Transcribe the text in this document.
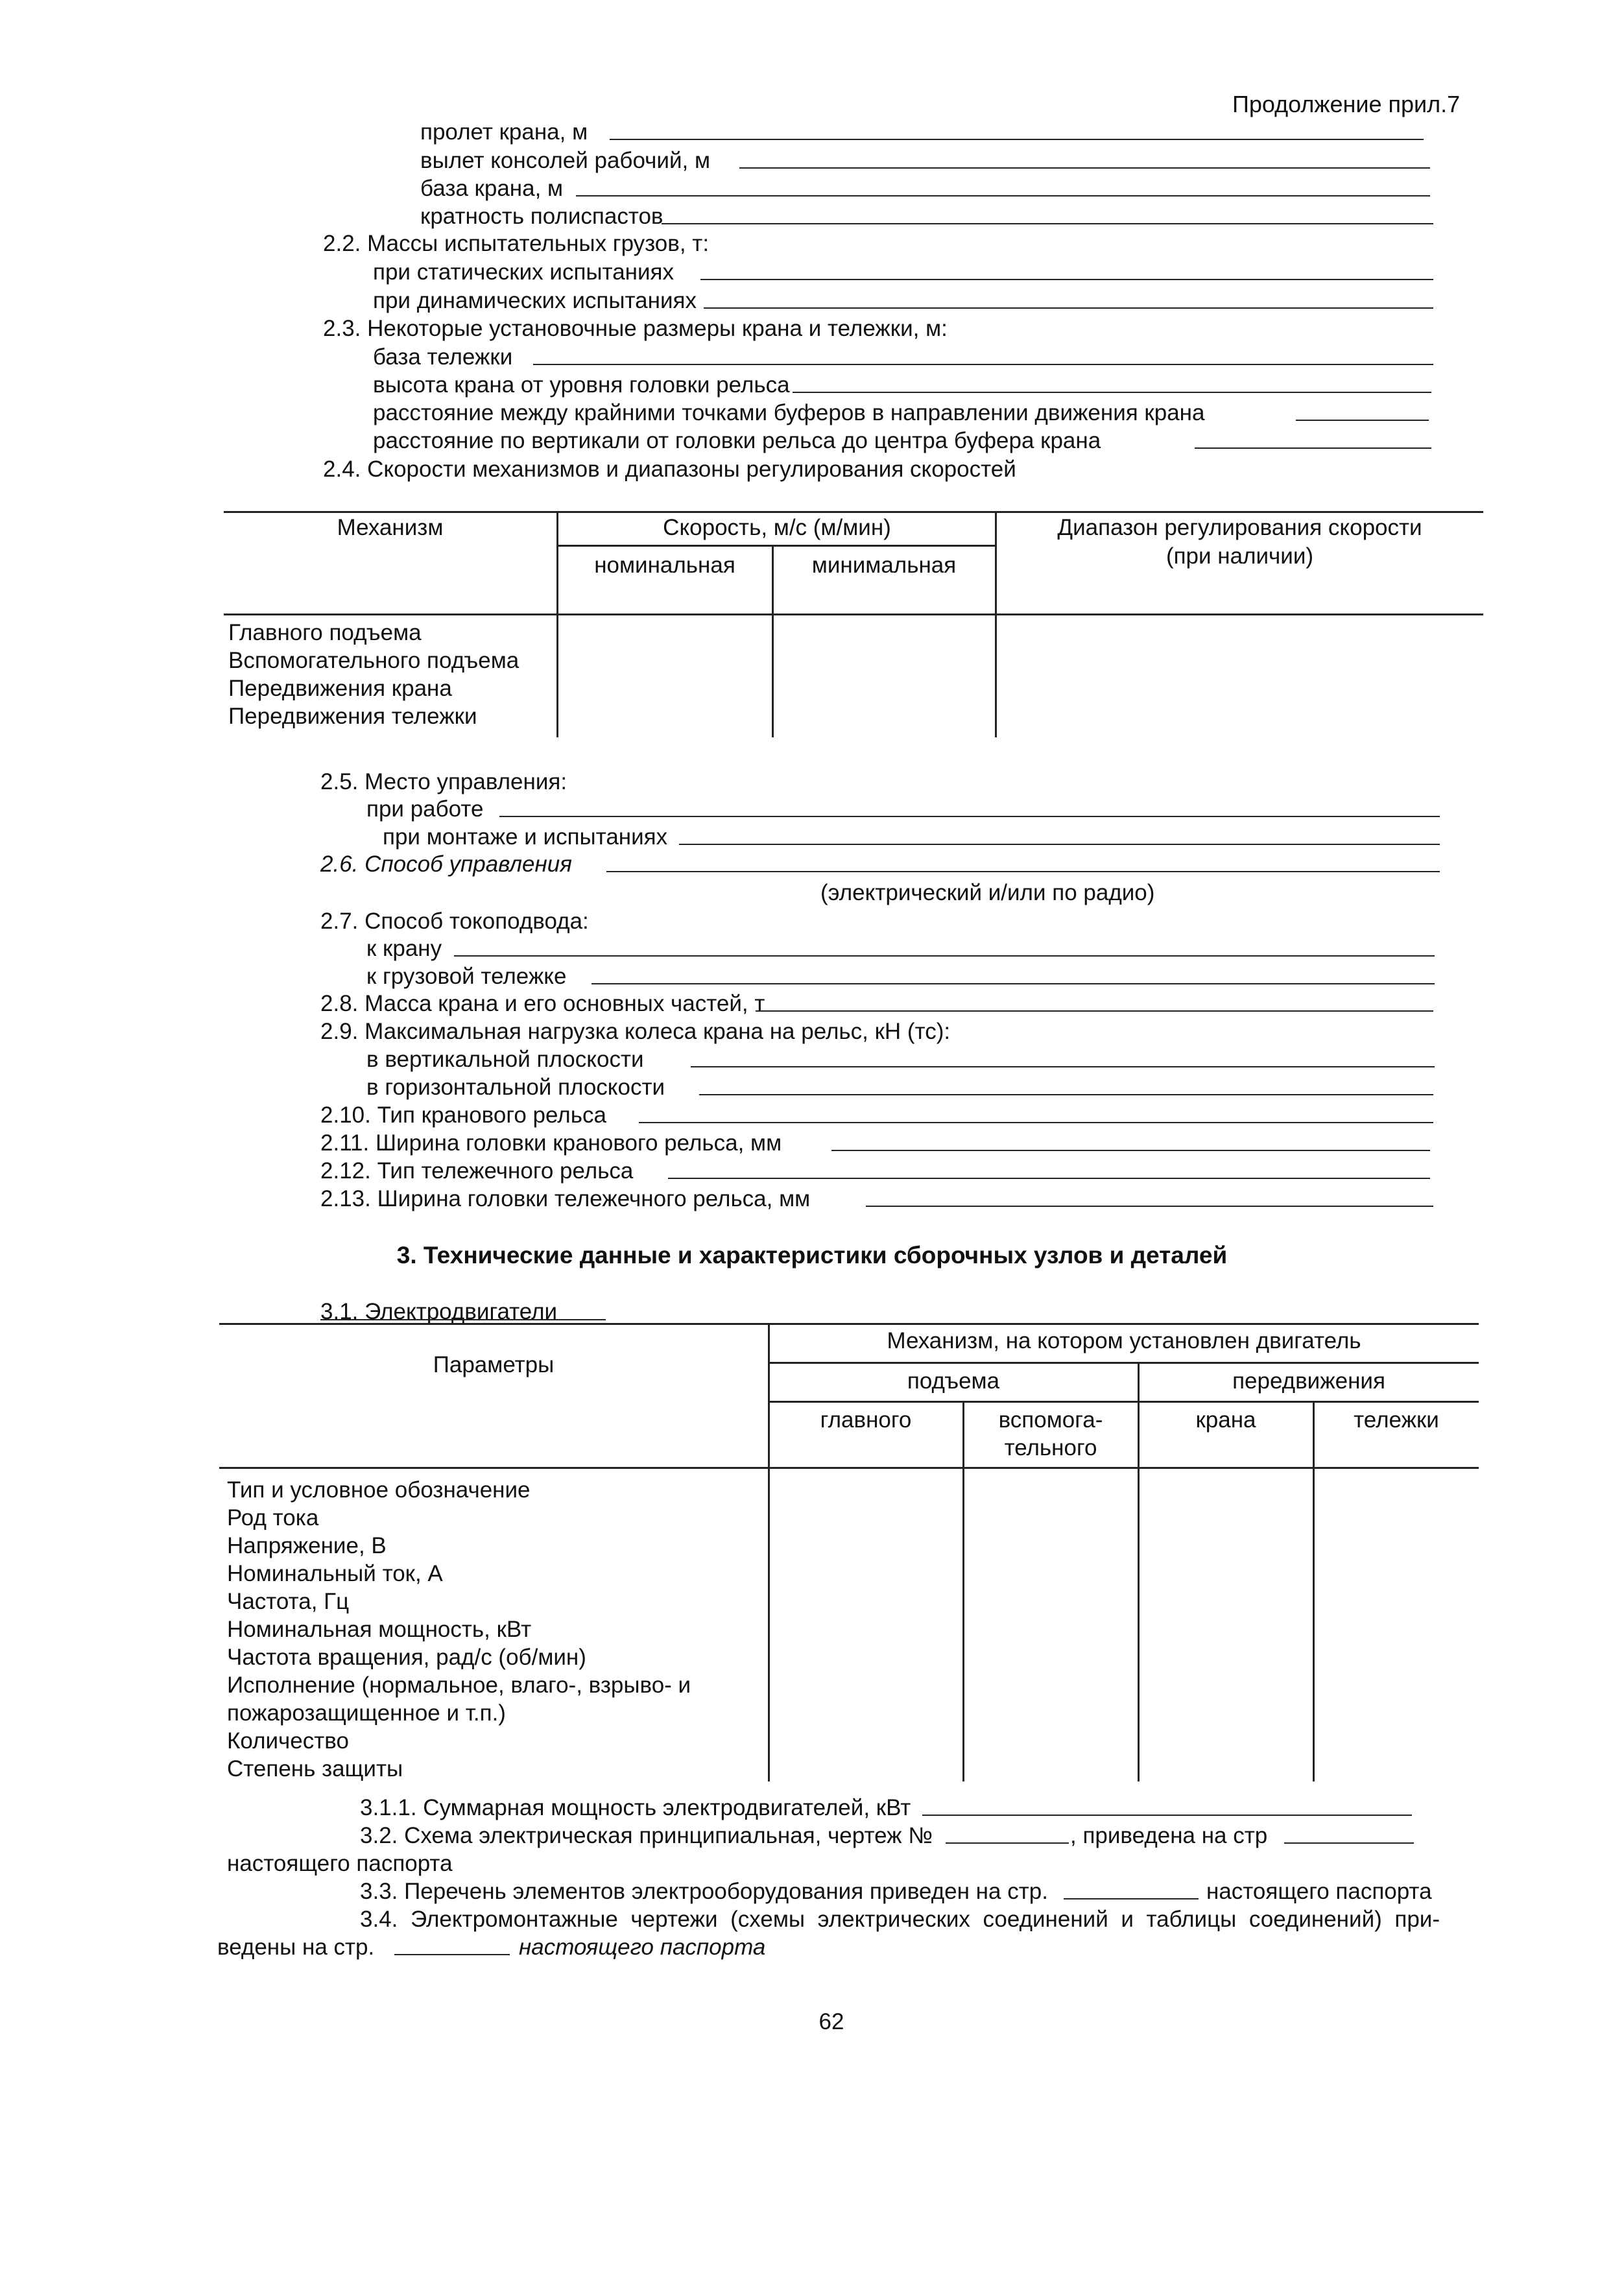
Продолжение прил.7
пролет крана, м
вылет консолей рабочий, м
база крана, м
кратность полиспастов
2.2. Массы испытательных грузов, т:
при статических испытаниях
при динамических испытаниях
2.3. Некоторые установочные размеры крана и тележки, м:
база тележки
высота крана от уровня головки рельса
расстояние между крайними точками буферов в направлении движения крана
расстояние по вертикали от головки рельса до центра буфера крана
2.4. Скорости механизмов и диапазоны регулирования скоростей
Механизм	Скорость, м/с (м/мин)
номинальная	минимальная
Диапазон регулирования скорости
(при наличии)
Главного подъема
Вспомогательного подъема
Передвижения крана
Передвижения тележки
2.5. Место управления:
при работе
при монтаже и испытаниях
2.6. Способ управления
(электрический и/или по радио)
2.7. Способ токоподвода:
к крану
к грузовой тележке
2.8. Масса крана и его основных частей, т
2.9. Максимальная нагрузка колеса крана на рельс, кН (тс):
в вертикальной плоскости
в горизонтальной плоскости
2.10. Тип кранового рельса
2.11. Ширина головки кранового рельса, мм
2.12. Тип тележечного рельса
2.13. Ширина головки тележечного рельса, мм
3. Технические данные и характеристики сборочных узлов и деталей
3.1. Электродвигатели
Параметры
Механизм, на котором установлен двигатель
подъема	передвижения
главного	вспомога-
тельного
крана	тележки
Тип и условное обозначение
Род тока
Напряжение, В
Номинальный ток, А
Частота, Гц
Номинальная мощность, кВт
Частота вращения, рад/с (об/мин)
Исполнение (нормальное, влаго-, взрыво- и
пожарозащищенное и т.п.)
Количество
Степень защиты
3.1.1. Суммарная мощность электродвигателей, кВт
3.2. Схема электрическая принципиальная, чертеж №	, приведена на стр
настоящего паспорта
3.3. Перечень элементов электрооборудования приведен на стр.	настоящего паспорта
3.4. Электромонтажные чертежи (схемы электрических соединений и таблицы соединений) при-
ведены на стр.	настоящего паспорта
62
